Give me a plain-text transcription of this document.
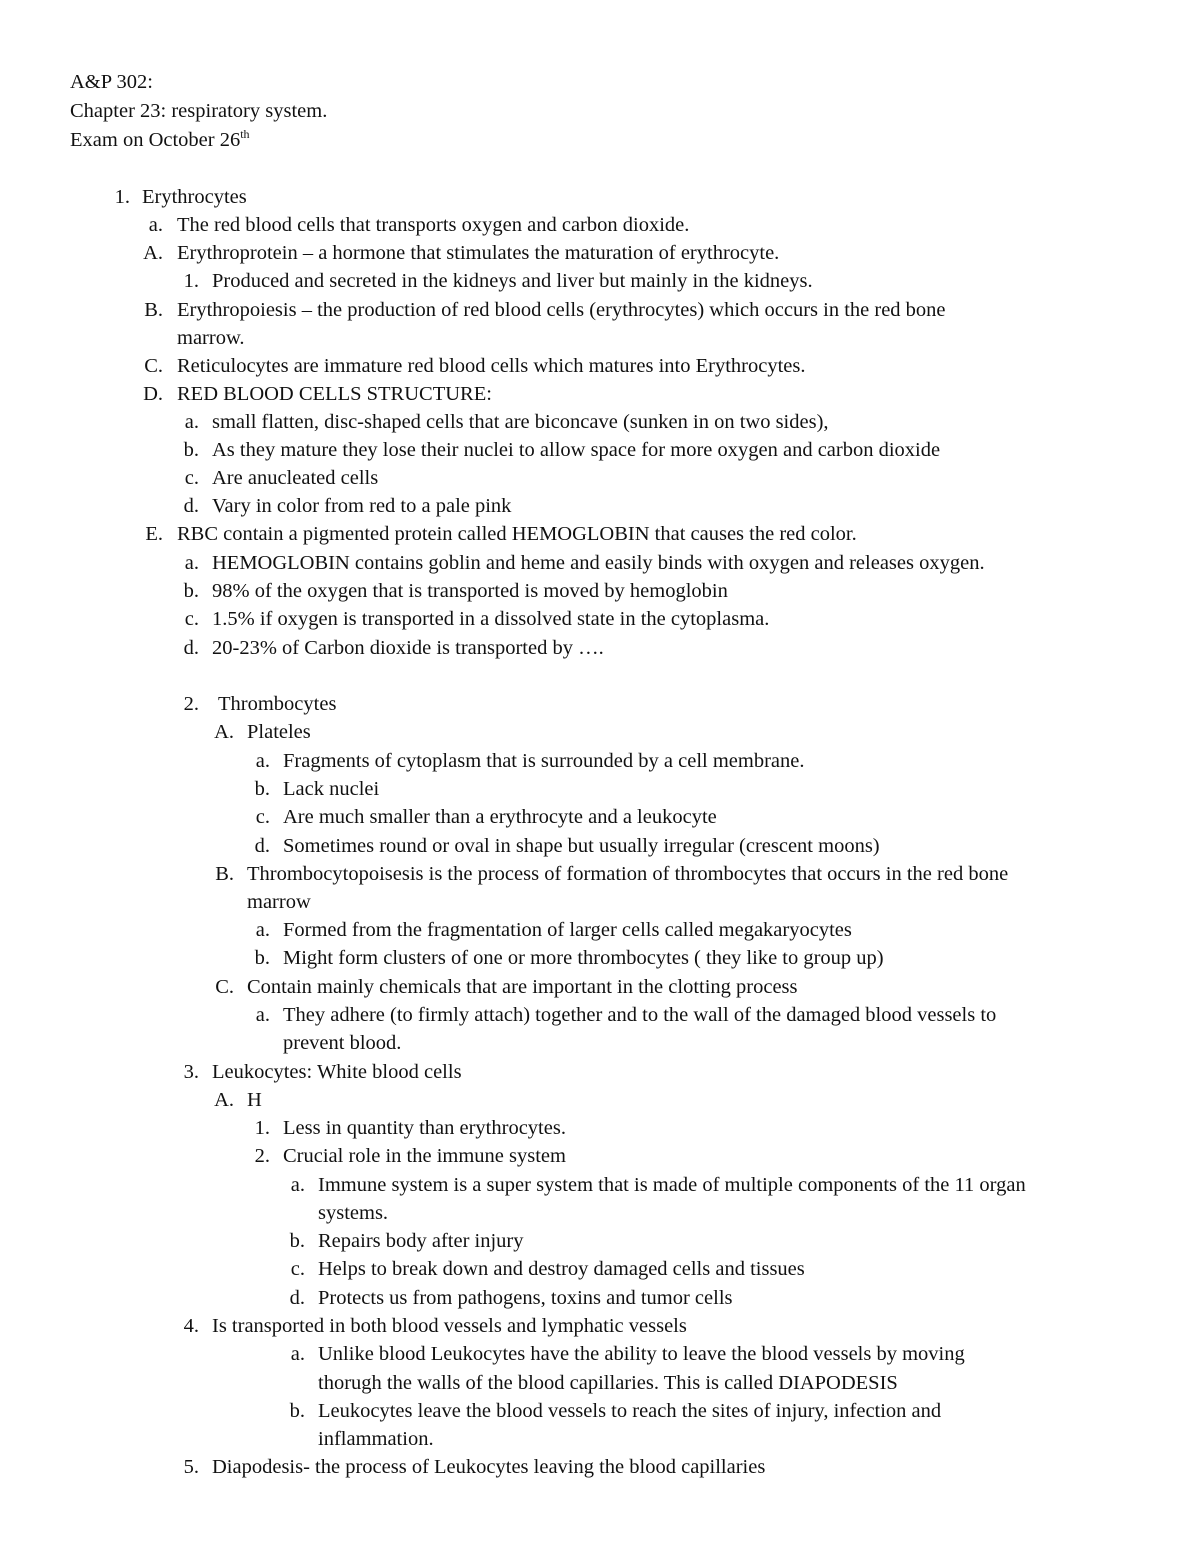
A&P 302:
Chapter 23: respiratory system.
Exam on October 26th
1. Erythrocytes
a. The red blood cells that transports oxygen and carbon dioxide.
A. Erythroprotein – a hormone that stimulates the maturation of erythrocyte.
1. Produced and secreted in the kidneys and liver but mainly in the kidneys.
B. Erythropoiesis – the production of red blood cells (erythrocytes) which occurs in the red bone
marrow.
C. Reticulocytes are immature red blood cells which matures into Erythrocytes.
D. RED BLOOD CELLS STRUCTURE:
a. small flatten, disc-shaped cells that are biconcave (sunken in on two sides),
b. As they mature they lose their nuclei to allow space for more oxygen and carbon dioxide
c. Are anucleated cells
d. Vary in color from red to a pale pink
E. RBC contain a pigmented protein called HEMOGLOBIN that causes the red color.
a. HEMOGLOBIN contains goblin and heme and easily binds with oxygen and releases oxygen.
b. 98% of the oxygen that is transported is moved by hemoglobin
c. 1.5% if oxygen is transported in a dissolved state in the cytoplasma.
d. 20-23% of Carbon dioxide is transported by ….
2. Thrombocytes
A. Plateles
a. Fragments of cytoplasm that is surrounded by a cell membrane.
b. Lack nuclei
c. Are much smaller than a erythrocyte and a leukocyte
d. Sometimes round or oval in shape but usually irregular (crescent moons)
B. Thrombocytopoisesis is the process of formation of thrombocytes that occurs in the red bone
marrow
a. Formed from the fragmentation of larger cells called megakaryocytes
b. Might form clusters of one or more thrombocytes ( they like to group up)
C. Contain mainly chemicals that are important in the clotting process
a. They adhere (to firmly attach) together and to the wall of the damaged blood vessels to
prevent blood.
3. Leukocytes: White blood cells
A. H
1. Less in quantity than erythrocytes.
2. Crucial role in the immune system
a. Immune system is a super system that is made of multiple components of the 11 organ
systems.
b. Repairs body after injury
c. Helps to break down and destroy damaged cells and tissues
d. Protects us from pathogens, toxins and tumor cells
4. Is transported in both blood vessels and lymphatic vessels
a. Unlike blood Leukocytes have the ability to leave the blood vessels by moving
thorugh the walls of the blood capillaries. This is called DIAPODESIS
b. Leukocytes leave the blood vessels to reach the sites of injury, infection and
inflammation.
5. Diapodesis- the process of Leukocytes leaving the blood capillaries
